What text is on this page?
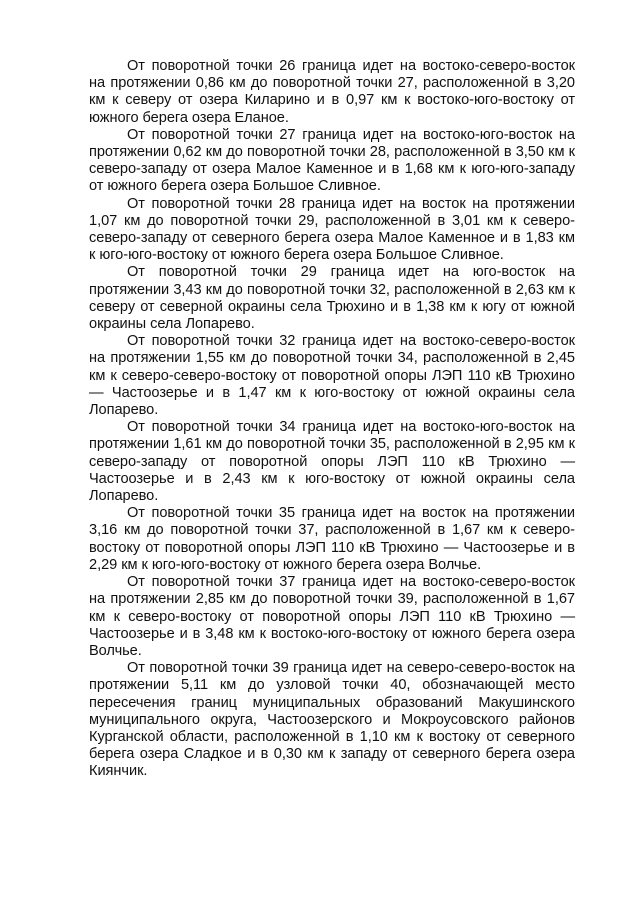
От поворотной точки 26 граница идет на востоко-северо-восток на протяжении 0,86 км до поворотной точки 27, расположенной в 3,20 км к северу от озера Киларино и в 0,97 км к востоко-юго-востоку от южного берега озера Еланое.

От поворотной точки 27 граница идет на востоко-юго-восток на протяжении 0,62 км до поворотной точки 28, расположенной в 3,50 км к северо-западу от озера Малое Каменное и в 1,68 км к юго-юго-западу от южного берега озера Большое Сливное.

От поворотной точки 28 граница идет на восток на протяжении 1,07 км до поворотной точки 29, расположенной в 3,01 км к северо-северо-западу от северного берега озера Малое Каменное и в 1,83 км к юго-юго-востоку от южного берега озера Большое Сливное.

От поворотной точки 29 граница идет на юго-восток на протяжении 3,43 км до поворотной точки 32, расположенной в 2,63 км к северу от северной окраины села Трюхино и в 1,38 км к югу от южной окраины села Лопарево.

От поворотной точки 32 граница идет на востоко-северо-восток на протяжении 1,55 км до поворотной точки 34, расположенной в 2,45 км к северо-северо-востоку от поворотной опоры ЛЭП 110 кВ Трюхино — Частоозерье и в 1,47 км к юго-востоку от южной окраины села Лопарево.

От поворотной точки 34 граница идет на востоко-юго-восток на протяжении 1,61 км до поворотной точки 35, расположенной в 2,95 км к северо-западу от поворотной опоры ЛЭП 110 кВ Трюхино — Частоозерье и в 2,43 км к юго-востоку от южной окраины села Лопарево.

От поворотной точки 35 граница идет на восток на протяжении 3,16 км до поворотной точки 37, расположенной в 1,67 км к северо-востоку от поворотной опоры ЛЭП 110 кВ Трюхино — Частоозерье и в 2,29 км к юго-юго-востоку от южного берега озера Волчье.

От поворотной точки 37 граница идет на востоко-северо-восток на протяжении 2,85 км до поворотной точки 39, расположенной в 1,67 км к северо-востоку от поворотной опоры ЛЭП 110 кВ Трюхино — Частоозерье и в 3,48 км к востоко-юго-востоку от южного берега озера Волчье.

От поворотной точки 39 граница идет на северо-северо-восток на протяжении 5,11 км до узловой точки 40, обозначающей место пересечения границ муниципальных образований Макушинского муниципального округа, Частоозерского и Мокроусовского районов Курганской области, расположенной в 1,10 км к востоку от северного берега озера Сладкое и в 0,30 км к западу от северного берега озера Киянчик.
